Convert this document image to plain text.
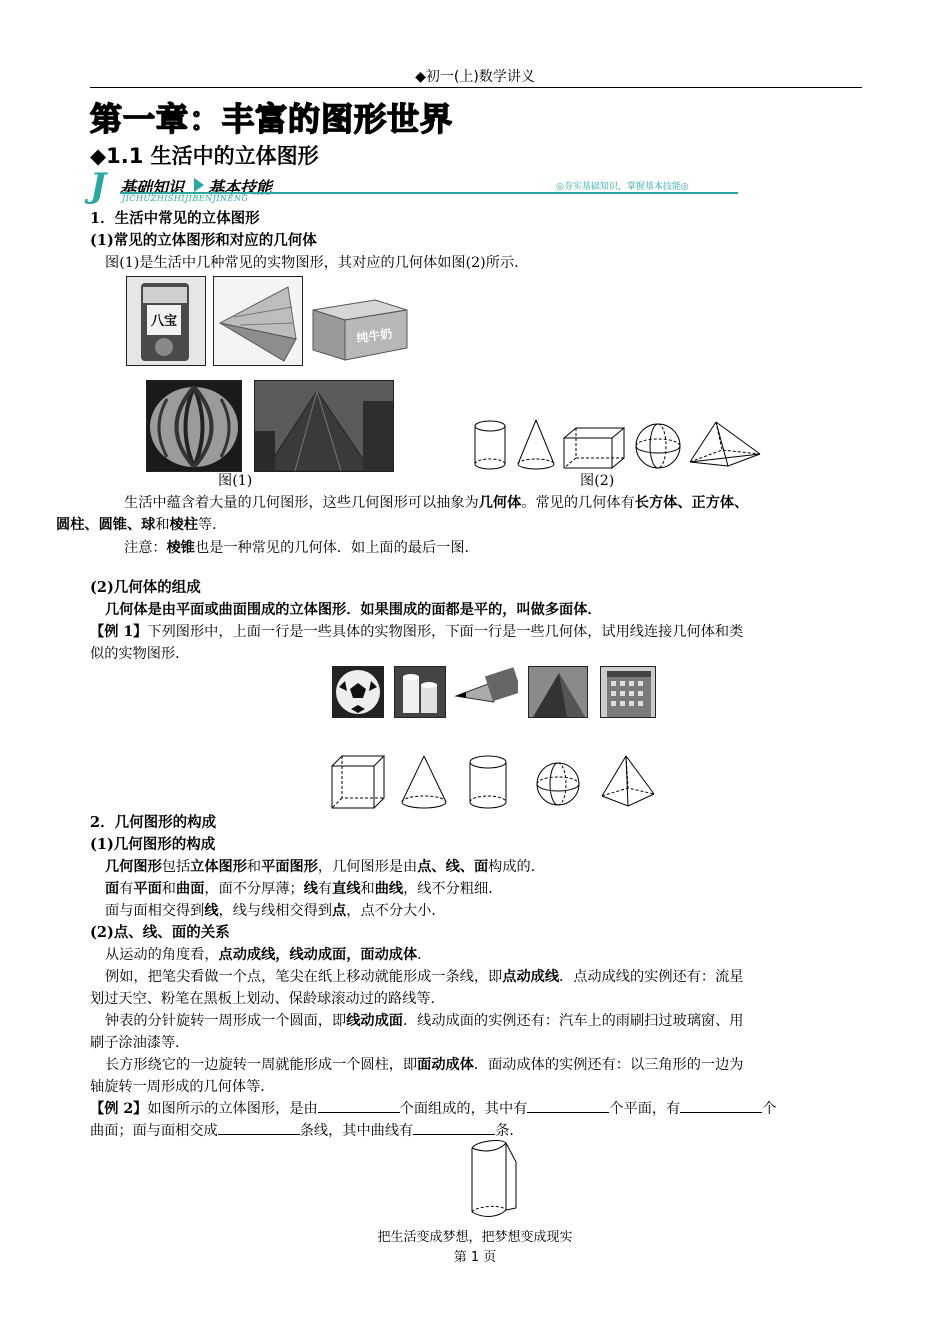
◆初一(上)数学讲义
第一章：丰富的图形世界
◆1.1 生活中的立体图形
J 基础知识 基本技能
JICHUZHISHIJIBENJINENG
◎夯实基础知识，掌握基本技能◎
1．生活中常见的立体图形
(1)常见的立体图形和对应的几何体
图(1)是生活中几种常见的实物图形，其对应的几何体如图(2)所示．
八宝
纯牛奶
图(1)	图(2)
生活中蕴含着大量的几何图形，这些几何图形可以抽象为几何体。常见的几何体有长方体、正方体、
圆柱、圆锥、球和棱柱等．
注意：棱锥也是一种常见的几何体．如上面的最后一图．
(2)几何体的组成
几何体是由平面或曲面围成的立体图形．如果围成的面都是平的，叫做多面体．
【例 1】下列图形中，上面一行是一些具体的实物图形，下面一行是一些几何体，试用线连接几何体和类
似的实物图形．
2．几何图形的构成
(1)几何图形的构成
几何图形包括立体图形和平面图形，几何图形是由点、线、面构成的．
面有平面和曲面，面不分厚薄；线有直线和曲线，线不分粗细．
面与面相交得到线，线与线相交得到点，点不分大小．
(2)点、线、面的关系
从运动的角度看，点动成线，线动成面，面动成体．
例如，把笔尖看做一个点，笔尖在纸上移动就能形成一条线，即点动成线．点动成线的实例还有：流星
划过天空、粉笔在黑板上划动、保龄球滚动过的路线等．
钟表的分针旋转一周形成一个圆面，即线动成面．线动成面的实例还有：汽车上的雨刷扫过玻璃窗、用
刷子涂油漆等．
长方形绕它的一边旋转一周就能形成一个圆柱，即面动成体．面动成体的实例还有：以三角形的一边为
轴旋转一周形成的几何体等．
【例 2】如图所示的立体图形，是由	个面组成的，其中有	个平面，有	个
曲面；面与面相交成	条线，其中曲线有	条．
把生活变成梦想，把梦想变成现实
第 1 页
